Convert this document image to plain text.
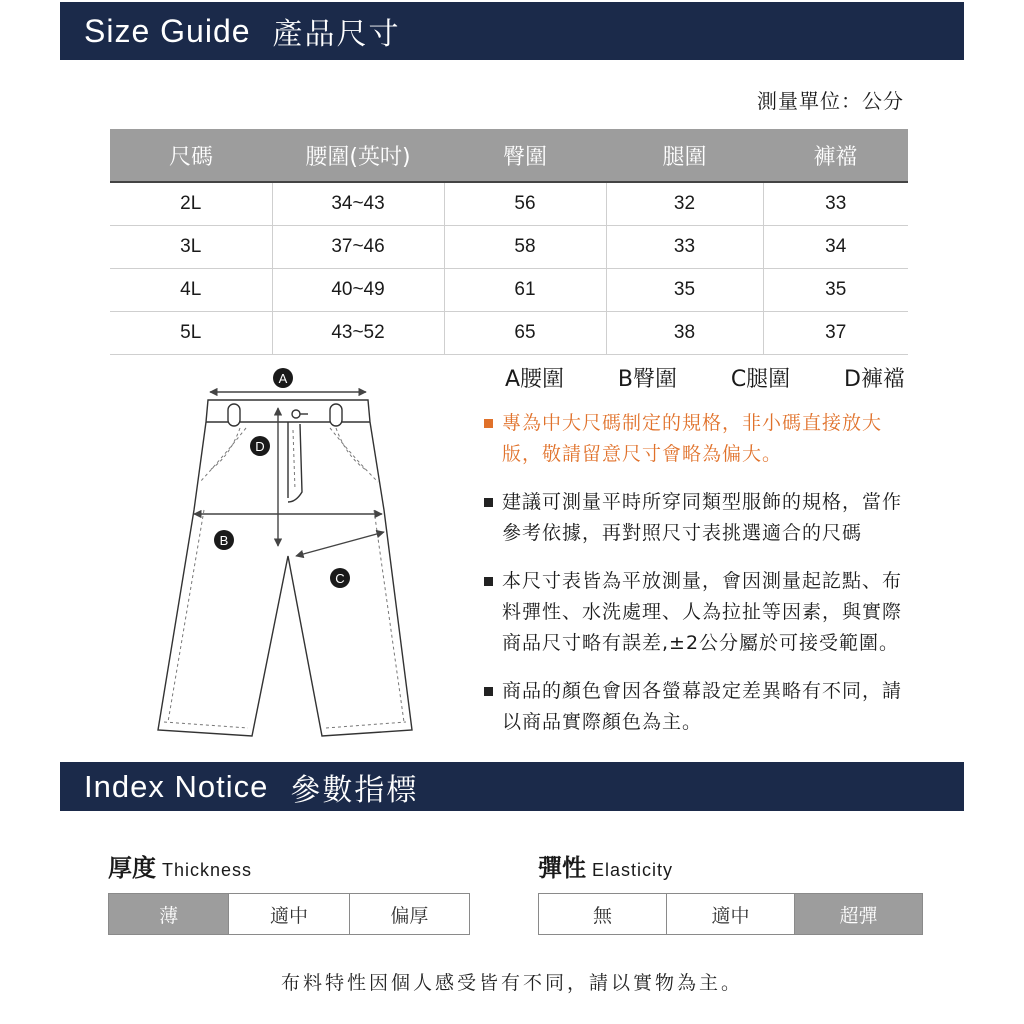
Size Guide 產品尺寸
測量單位：公分
尺碼	腰圍(英吋)	臀圍	腿圍	褲襠
2L	34~43	56	32	33
3L	37~46	58	33	34
4L	40~49	61	35	35
5L	43~52	65	38	37
A
B
C
D
A腰圍 B臀圍 C腿圍 D褲襠
專為中大尺碼制定的規格，非小碼直接放大版，敬請留意尺寸會略為偏大。
建議可測量平時所穿同類型服飾的規格，當作參考依據，再對照尺寸表挑選適合的尺碼
本尺寸表皆為平放測量，會因測量起訖點、布料彈性、水洗處理、人為拉扯等因素，與實際商品尺寸略有誤差,±2公分屬於可接受範圍。
商品的顏色會因各螢幕設定差異略有不同，請以商品實際顏色為主。
Index Notice 參數指標
厚度 Thickness
薄	適中	偏厚
彈性 Elasticity
無	適中	超彈
布料特性因個人感受皆有不同，請以實物為主。
